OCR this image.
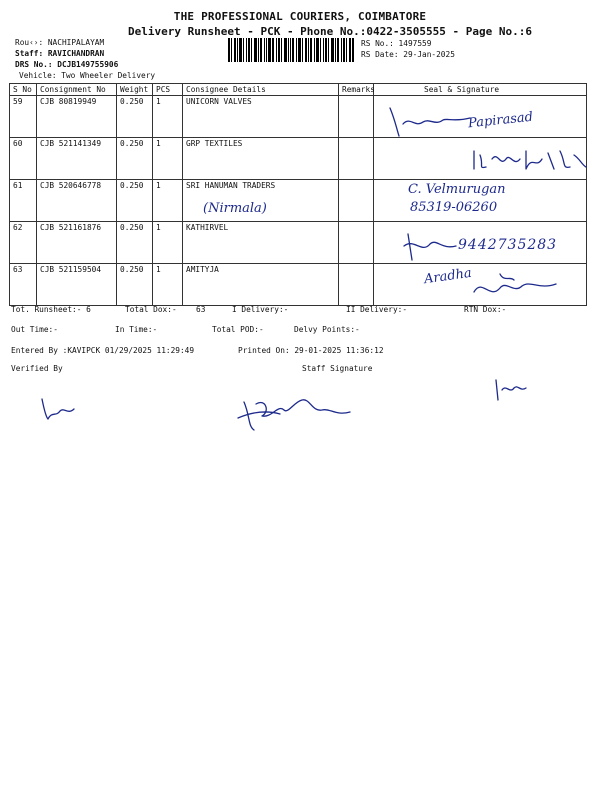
THE PROFESSIONAL COURIERS, COIMBATORE
Delivery Runsheet - PCK - Phone No.:0422-3505555 - Page No.:6
Rou‹›: NACHIPALAYAM
Staff: RAVICHANDRAN
DRS No.: DCJB149755906
Vehicle: Two Wheeler Delivery
RS No.: 1497559
RS Date: 29-Jan-2025
S No	Consignment No	Weight	PCS	Consignee Details	Remarks	Seal & Signature
59	CJB 80819949	0.250	1	UNICORN VALVES		
60	CJB 521141349	0.250	1	GRP TEXTILES		
61	CJB 520646778	0.250	1	SRI HANUMAN TRADERS		
62	CJB 521161876	0.250	1	KATHIRVEL		
63	CJB 521159504	0.250	1	AMITYJA		
Papirasad
C. Velmurugan
85319-06260
(Nirmala)
9442735283
Aradha
Tot. Runsheet:- 6	Total Dox:- 63	I Delivery:-	II Delivery:-	RTN Dox:-
Out Time:-	In Time:-	Total POD:-	Delvy Points:-
Entered By :KAVIPCK 01/29/2025 11:29:49	Printed On: 29-01-2025 11:36:12
Verified By	Staff Signature
